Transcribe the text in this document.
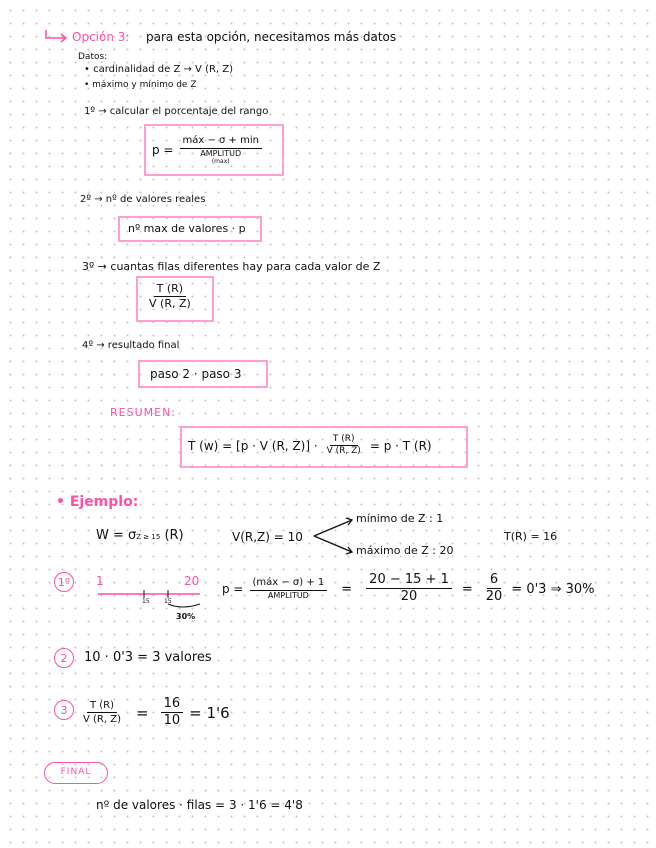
Opción 3: para esta opción, necesitamos más datos
Datos:
• cardinalidad de Z → V (R, Z)
• máximo y mínimo de Z
1º → calcular el porcentaje del rango
p =
máx − σ + min
AMPLITUD
(max)
2º → nº de valores reales
nº max de valores · p
3º → cuantas filas diferentes hay para cada valor de Z
$\frac{T (R)}{V (R, Z)}$
4º → resultado final
paso 2 · paso 3
RESUMEN:
T (w) = [p · V (R, $Z)] \cdot \frac{T (R)}{V (R, Z)} = p \cdot T$ (R)
• Ejemplo:
W = σZ ≥ 15 (R)	V(R,Z) = 10
mínimo de Z : 1
máximo de Z : 20
T(R) = 16
1º	1	20
15 15
30%
$p = \frac{\text{(máx − σ) + 1}}{\text{AMPLITUD}} = \frac{20 - 15 + 1}{20} = \frac{6}{20} = 0'3$ ⇒ 30%
2	10 · 0'3 = 3 valores
3	$\frac{T (R)}{V (R, Z)} = \frac{16}{10} = 1'6$
FINAL
nº de valores · filas = 3 · 1'6 = 4'8
